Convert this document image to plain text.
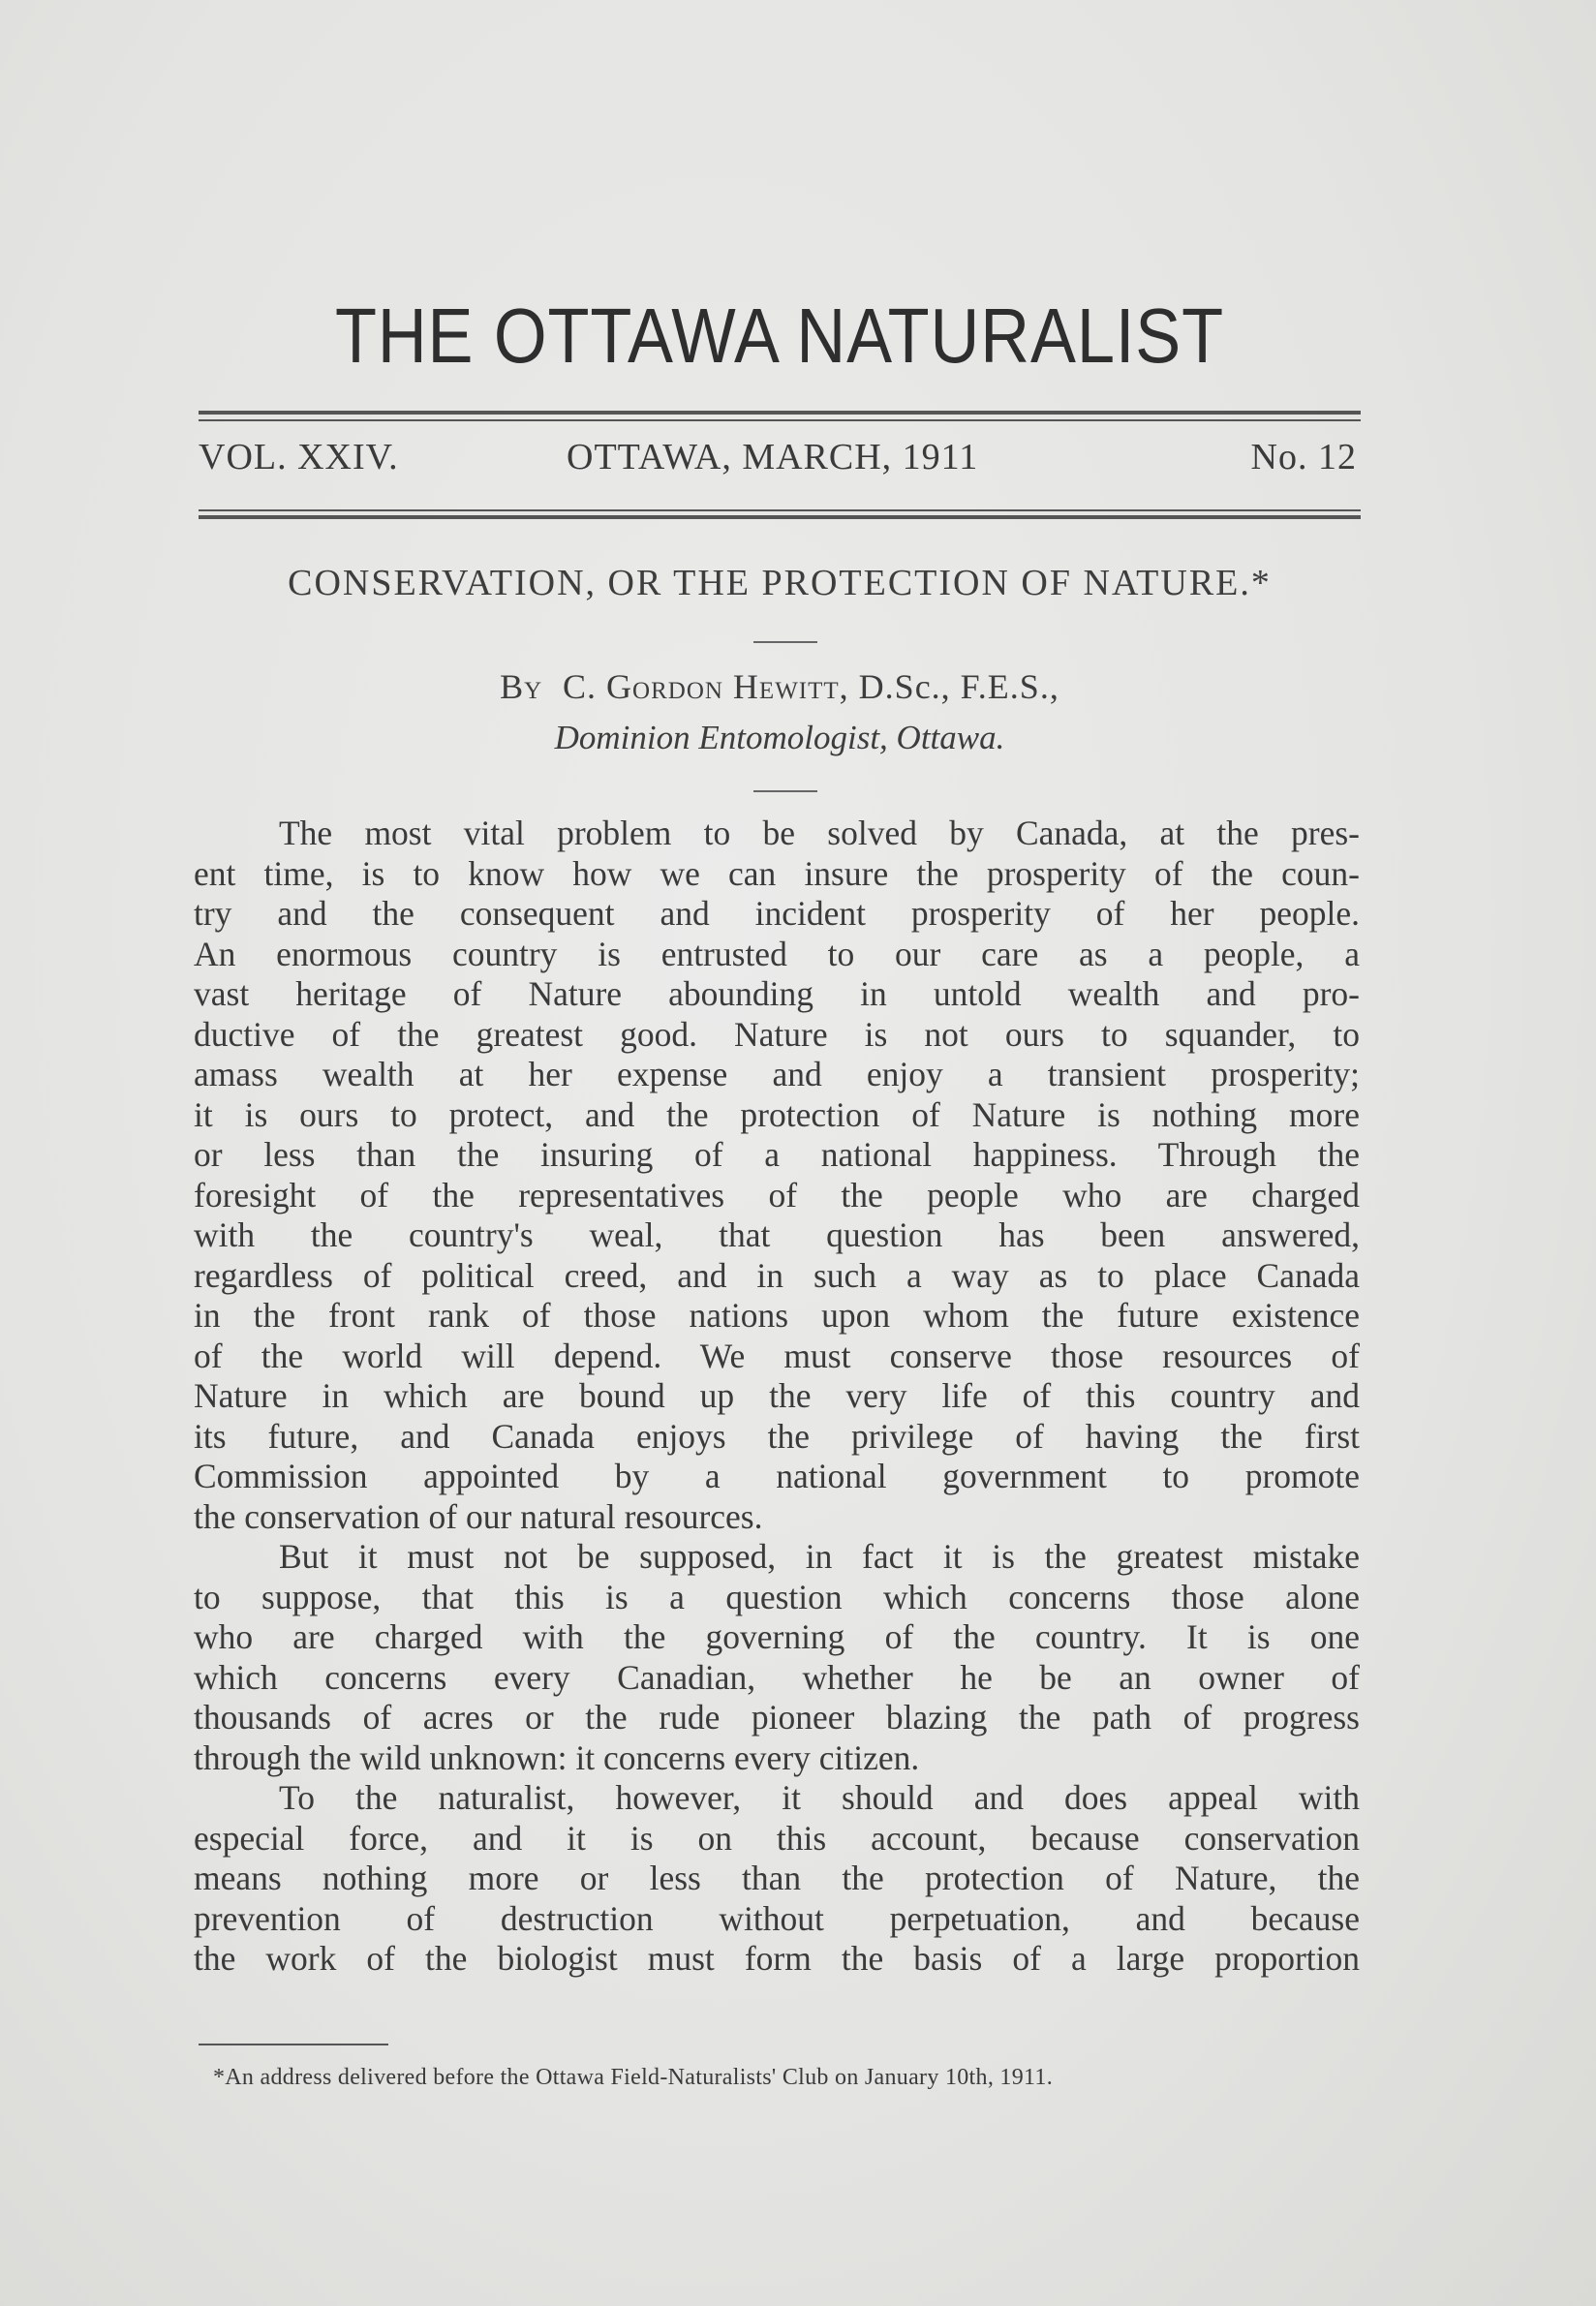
THE OTTAWA NATURALIST
VOL. XXIV.	OTTAWA, MARCH, 1911	No. 12
CONSERVATION, OR THE PROTECTION OF NATURE.*
By C. Gordon Hewitt, D.Sc., F.E.S.,
Dominion Entomologist, Ottawa.
The most vital problem to be solved by Canada, at the pres-
ent time, is to know how we can insure the prosperity of the coun-
try and the consequent and incident prosperity of her people.
An enormous country is entrusted to our care as a people, a
vast heritage of Nature abounding in untold wealth and pro-
ductive of the greatest good. Nature is not ours to squander, to
amass wealth at her expense and enjoy a transient prosperity;
it is ours to protect, and the protection of Nature is nothing more
or less than the insuring of a national happiness. Through the
foresight of the representatives of the people who are charged
with the country's weal, that question has been answered,
regardless of political creed, and in such a way as to place Canada
in the front rank of those nations upon whom the future existence
of the world will depend. We must conserve those resources of
Nature in which are bound up the very life of this country and
its future, and Canada enjoys the privilege of having the first
Commission appointed by a national government to promote
the conservation of our natural resources.
But it must not be supposed, in fact it is the greatest mistake
to suppose, that this is a question which concerns those alone
who are charged with the governing of the country. It is one
which concerns every Canadian, whether he be an owner of
thousands of acres or the rude pioneer blazing the path of progress
through the wild unknown: it concerns every citizen.
To the naturalist, however, it should and does appeal with
especial force, and it is on this account, because conservation
means nothing more or less than the protection of Nature, the
prevention of destruction without perpetuation, and because
the work of the biologist must form the basis of a large proportion
*An address delivered before the Ottawa Field-Naturalists' Club on January 10th, 1911.
